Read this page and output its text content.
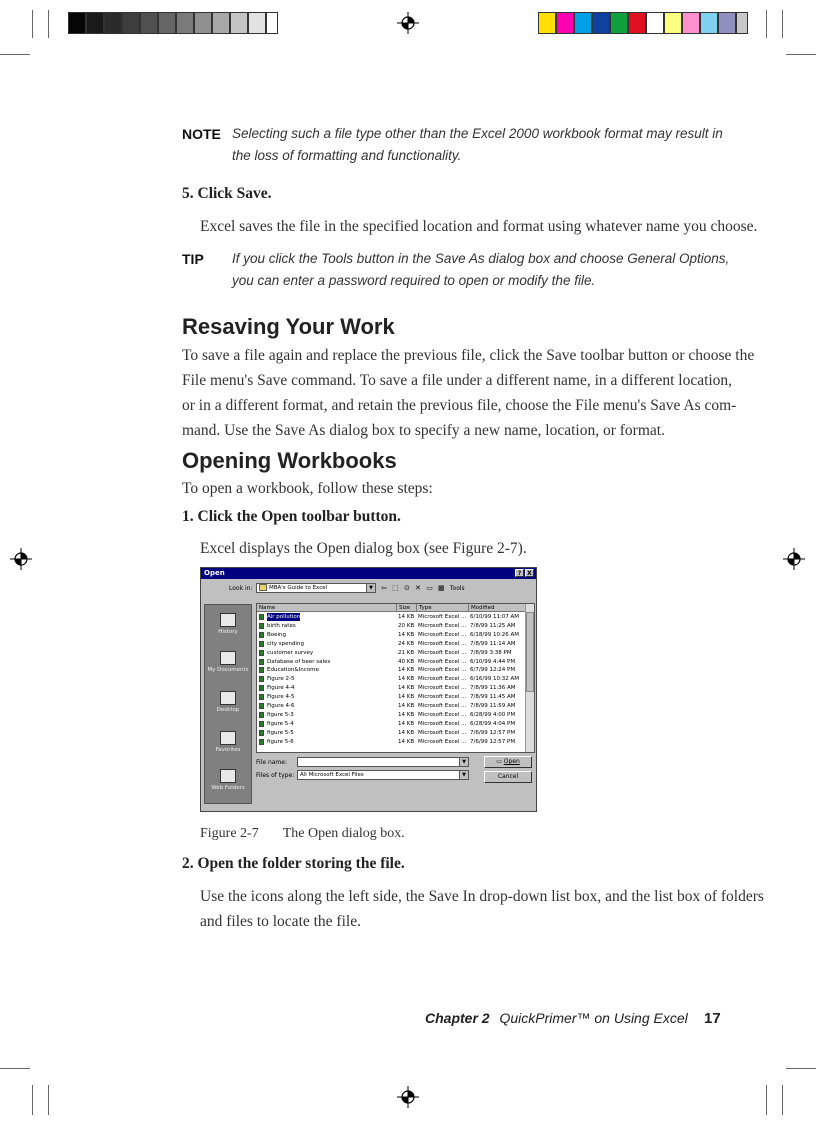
NOTE Selecting such a file type other than the Excel 2000 workbook format may result in
the loss of formatting and functionality.
5. Click Save.
Excel saves the file in the specified location and format using whatever name you choose.
TIP If you click the Tools button in the Save As dialog box and choose General Options,
you can enter a password required to open or modify the file.
Resaving Your Work
To save a file again and replace the previous file, click the Save toolbar button or choose the
File menu's Save command. To save a file under a different name, in a different location,
or in a different format, and retain the previous file, choose the File menu's Save As com-
mand. Use the Save As dialog box to specify a new name, location, or format.
Opening Workbooks
To open a workbook, follow these steps:
1. Click the Open toolbar button.
Excel displays the Open dialog box (see Figure 2-7).
Open	? X
Look in:	MBA's Guide to Excel	▼ ⇦ ⬚ ⊙ ✕ ▭ ▦ Tools
History
My Documents
Desktop
Favorites
Web Folders
Name	Size	Type	Modified
Air pollution	14 KB Microsoft Excel ... 6/10/99 11:07 AM
birth rates	20 KB Microsoft Excel ... 7/8/99 11:25 AM
Boeing	14 KB Microsoft Excel ... 6/18/99 10:26 AM
city spending	24 KB Microsoft Excel ... 7/8/99 11:14 AM
customer survey	21 KB Microsoft Excel ... 7/8/99 3:38 PM
Database of beer sales	40 KB Microsoft Excel ... 6/10/99 4:44 PM
Education&Income	14 KB Microsoft Excel ... 6/7/99 12:24 PM
Figure 2-5	14 KB Microsoft Excel ... 6/16/99 10:32 AM
Figure 4-4	14 KB Microsoft Excel ... 7/8/99 11:36 AM
Figure 4-5	14 KB Microsoft Excel ... 7/8/99 11:45 AM
Figure 4-6	14 KB Microsoft Excel ... 7/8/99 11:59 AM
figure 5-3	14 KB Microsoft Excel ... 6/28/99 4:00 PM
figure 5-4	14 KB Microsoft Excel ... 6/28/99 4:04 PM
figure 5-5	14 KB Microsoft Excel ... 7/6/99 12:57 PM
figure 5-6	14 KB Microsoft Excel ... 7/6/99 12:57 PM
File name:	▼
Files of type:	All Microsoft Excel Files	▼
▭ Open
Cancel
Figure 2-7 The Open dialog box.
2. Open the folder storing the file.
Use the icons along the left side, the Save In drop-down list box, and the list box of folders
and files to locate the file.
Chapter 2 QuickPrimer™ on Using Excel 17
